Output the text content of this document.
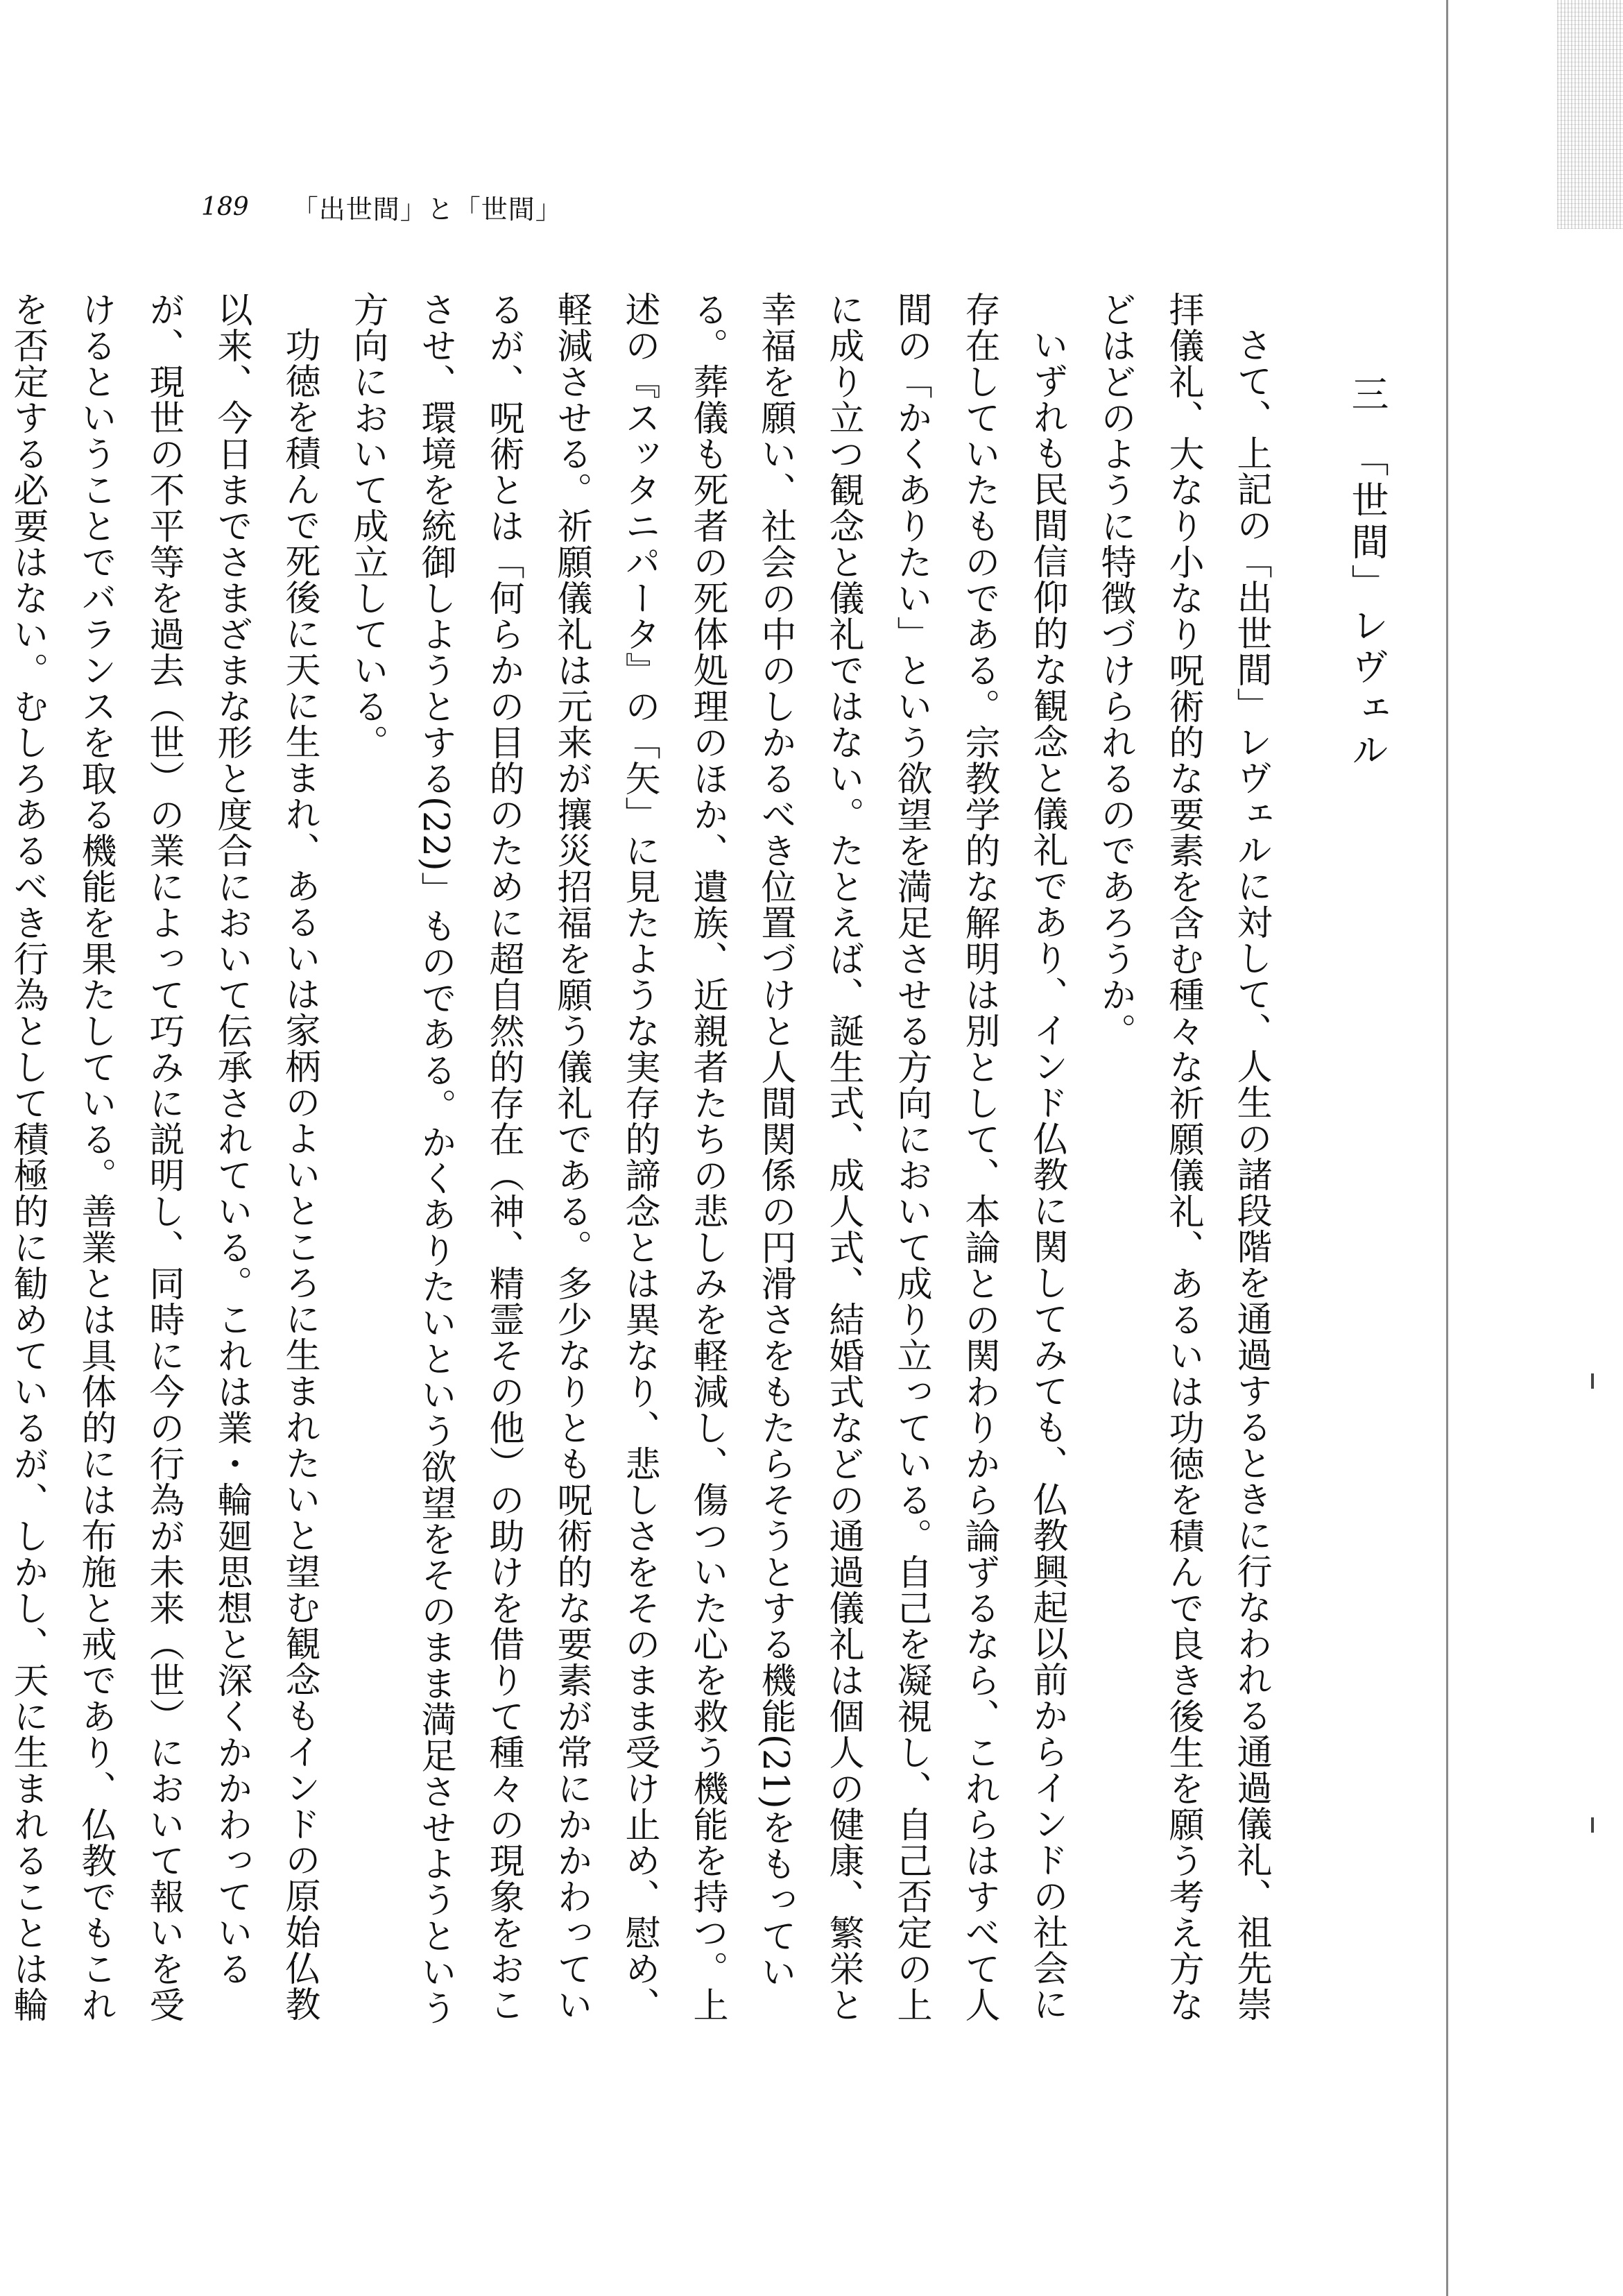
189 「出世間」と「世間」
三　「世間」レヴェル

さて、上記の「出世間」レヴェルに対して、人生の諸段階を通過するときに行なわれる通過儀礼、祖先崇拝儀礼、大なり小なり呪術的な要素を含む種々な祈願儀礼、あるいは功徳を積んで良き後生を願う考え方などはどのように特徴づけられるのであろうか。

いずれも民間信仰的な観念と儀礼であり、インド仏教に関してみても、仏教興起以前からインドの社会に存在していたものである。宗教学的な解明は別として、本論との関わりから論ずるなら、これらはすべて人間の「かくありたい」という欲望を満足させる方向において成り立っている。自己を凝視し、自己否定の上に成り立つ観念と儀礼ではない。たとえば、誕生式、成人式、結婚式などの通過儀礼は個人の健康、繁栄と幸福を願い、社会の中のしかるべき位置づけと人間関係の円滑さをもたらそうとする機能(21)をもっている。葬儀も死者の死体処理のほか、遺族、近親者たちの悲しみを軽減し、傷ついた心を救う機能を持つ。上述の『スッタニパータ』の「矢」に見たような実存的諦念とは異なり、悲しさをそのまま受け止め、慰め、軽減させる。祈願儀礼は元来が攘災招福を願う儀礼である。多少なりとも呪術的な要素が常にかかわっているが、呪術とは「何らかの目的のために超自然的存在（神、精霊その他）の助けを借りて種々の現象をおこさせ、環境を統御しようとする(22)」ものである。かくありたいという欲望をそのまま満足させようという方向において成立している。

功徳を積んで死後に天に生まれ、あるいは家柄のよいところに生まれたいと望む観念もインドの原始仏教以来、今日までさまざまな形と度合において伝承されている。これは業・輪廻思想と深くかかわっているが、現世の不平等を過去（世）の業によって巧みに説明し、同時に今の行為が未来（世）において報いを受けるということでバランスを取る機能を果たしている。善業とは具体的には布施と戒であり、仏教でもこれを否定する必要はない。むしろあるべき行為として積極的に勧めているが、しかし、天に生まれることは輪
